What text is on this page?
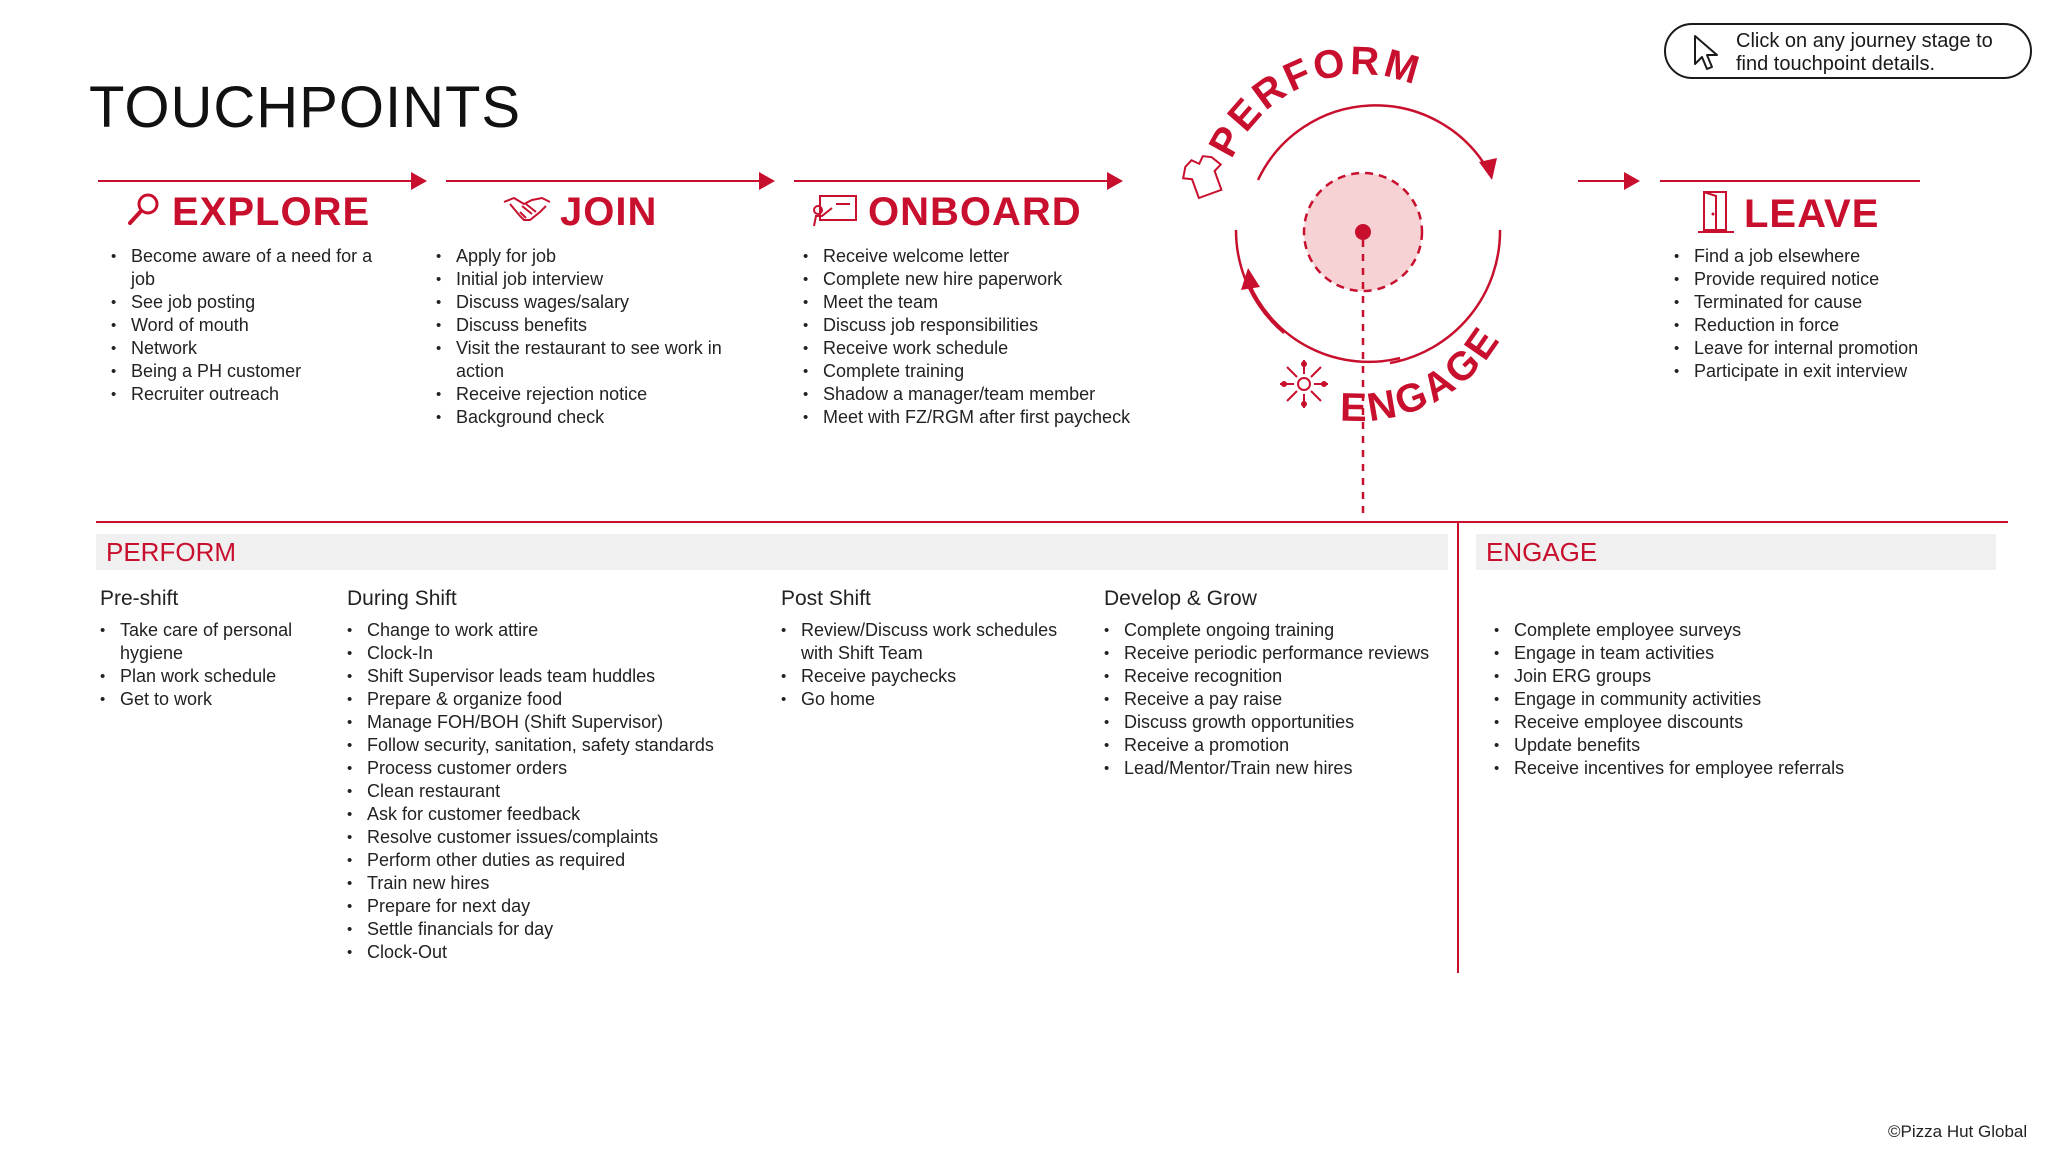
TOUCHPOINTS
Click on any journey stage to find touchpoint details.
EXPLORE
• Become aware of a need for a job
• See job posting
• Word of mouth
• Network
• Being a PH customer
• Recruiter outreach
JOIN
• Apply for job
• Initial job interview
• Discuss wages/salary
• Discuss benefits
• Visit the restaurant to see work in action
• Receive rejection notice
• Background check
ONBOARD
• Receive welcome letter
• Complete new hire paperwork
• Meet the team
• Discuss job responsibilities
• Receive work schedule
• Complete training
• Shadow a manager/team member
• Meet with FZ/RGM after first paycheck
PERFORM
ENGAGE
LEAVE
• Find a job elsewhere
• Provide required notice
• Terminated for cause
• Reduction in force
• Leave for internal promotion
• Participate in exit interview
PERFORM
Pre-shift
• Take care of personal hygiene
• Plan work schedule
• Get to work
During Shift
• Change to work attire
• Clock-In
• Shift Supervisor leads team huddles
• Prepare & organize food
• Manage FOH/BOH (Shift Supervisor)
• Follow security, sanitation, safety standards
• Process customer orders
• Clean restaurant
• Ask for customer feedback
• Resolve customer issues/complaints
• Perform other duties as required
• Train new hires
• Prepare for next day
• Settle financials for day
• Clock-Out
Post Shift
• Review/Discuss work schedules with Shift Team
• Receive paychecks
• Go home
Develop & Grow
• Complete ongoing training
• Receive periodic performance reviews
• Receive recognition
• Receive a pay raise
• Discuss growth opportunities
• Receive a promotion
• Lead/Mentor/Train new hires
ENGAGE
• Complete employee surveys
• Engage in team activities
• Join ERG groups
• Engage in community activities
• Receive employee discounts
• Update benefits
• Receive incentives for employee referrals
©Pizza Hut Global
